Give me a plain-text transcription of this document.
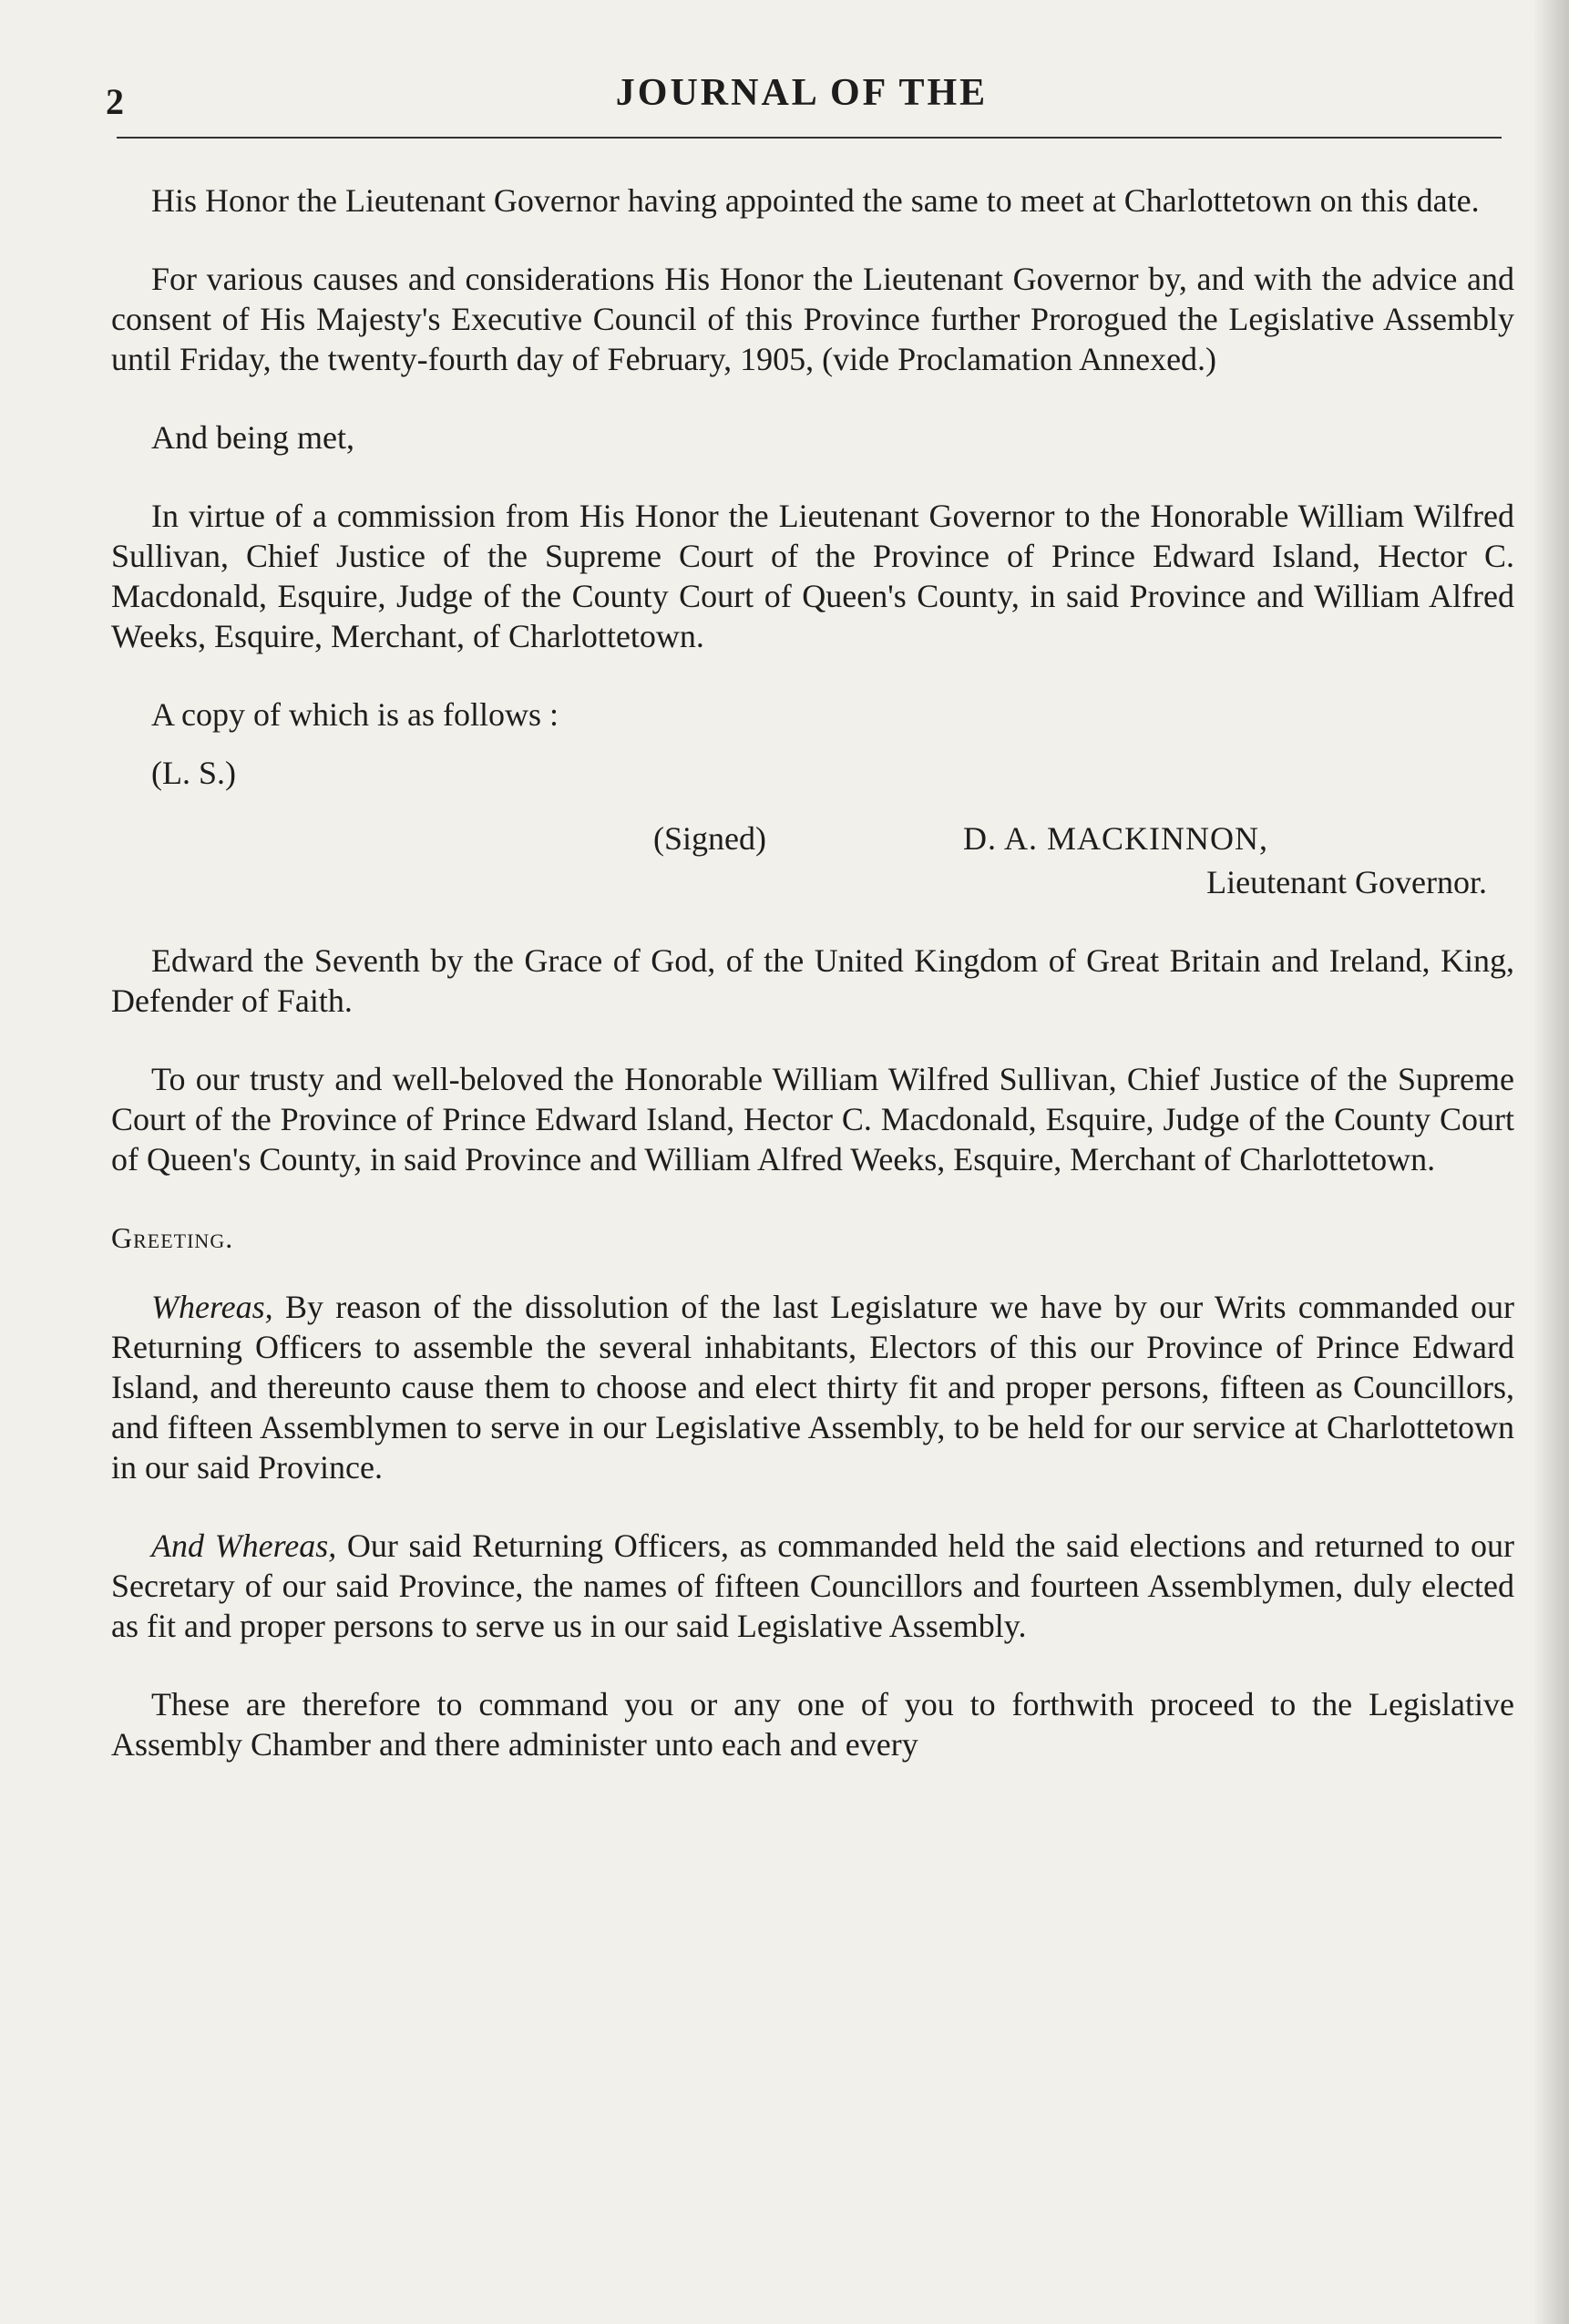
2	JOURNAL OF THE

His Honor the Lieutenant Governor having appointed the same to meet at Charlottetown on this date.

For various causes and considerations His Honor the Lieutenant Governor by, and with the advice and consent of His Majesty's Executive Council of this Province further Prorogued the Legislative Assembly until Friday, the twenty-fourth day of February, 1905, (vide Proclamation Annexed.)

And being met,

In virtue of a commission from His Honor the Lieutenant Governor to the Honorable William Wilfred Sullivan, Chief Justice of the Supreme Court of the Province of Prince Edward Island, Hector C. Macdonald, Esquire, Judge of the County Court of Queen's County, in said Province and William Alfred Weeks, Esquire, Merchant, of Charlottetown.

A copy of which is as follows :

(L. S.)

(Signed)	D. A. MACKINNON,
Lieutenant Governor.

Edward the Seventh by the Grace of God, of the United Kingdom of Great Britain and Ireland, King, Defender of Faith.

To our trusty and well-beloved the Honorable William Wilfred Sullivan, Chief Justice of the Supreme Court of the Province of Prince Edward Island, Hector C. Macdonald, Esquire, Judge of the County Court of Queen's County, in said Province and William Alfred Weeks, Esquire, Merchant of Charlottetown.

Greeting.

Whereas, By reason of the dissolution of the last Legislature we have by our Writs commanded our Returning Officers to assemble the several inhabitants, Electors of this our Province of Prince Edward Island, and thereunto cause them to choose and elect thirty fit and proper persons, fifteen as Councillors, and fifteen Assemblymen to serve in our Legislative Assembly, to be held for our service at Charlottetown in our said Province.

And Whereas, Our said Returning Officers, as commanded held the said elections and returned to our Secretary of our said Province, the names of fifteen Councillors and fourteen Assemblymen, duly elected as fit and proper persons to serve us in our said Legislative Assembly.

These are therefore to command you or any one of you to forthwith proceed to the Legislative Assembly Chamber and there administer unto each and every
